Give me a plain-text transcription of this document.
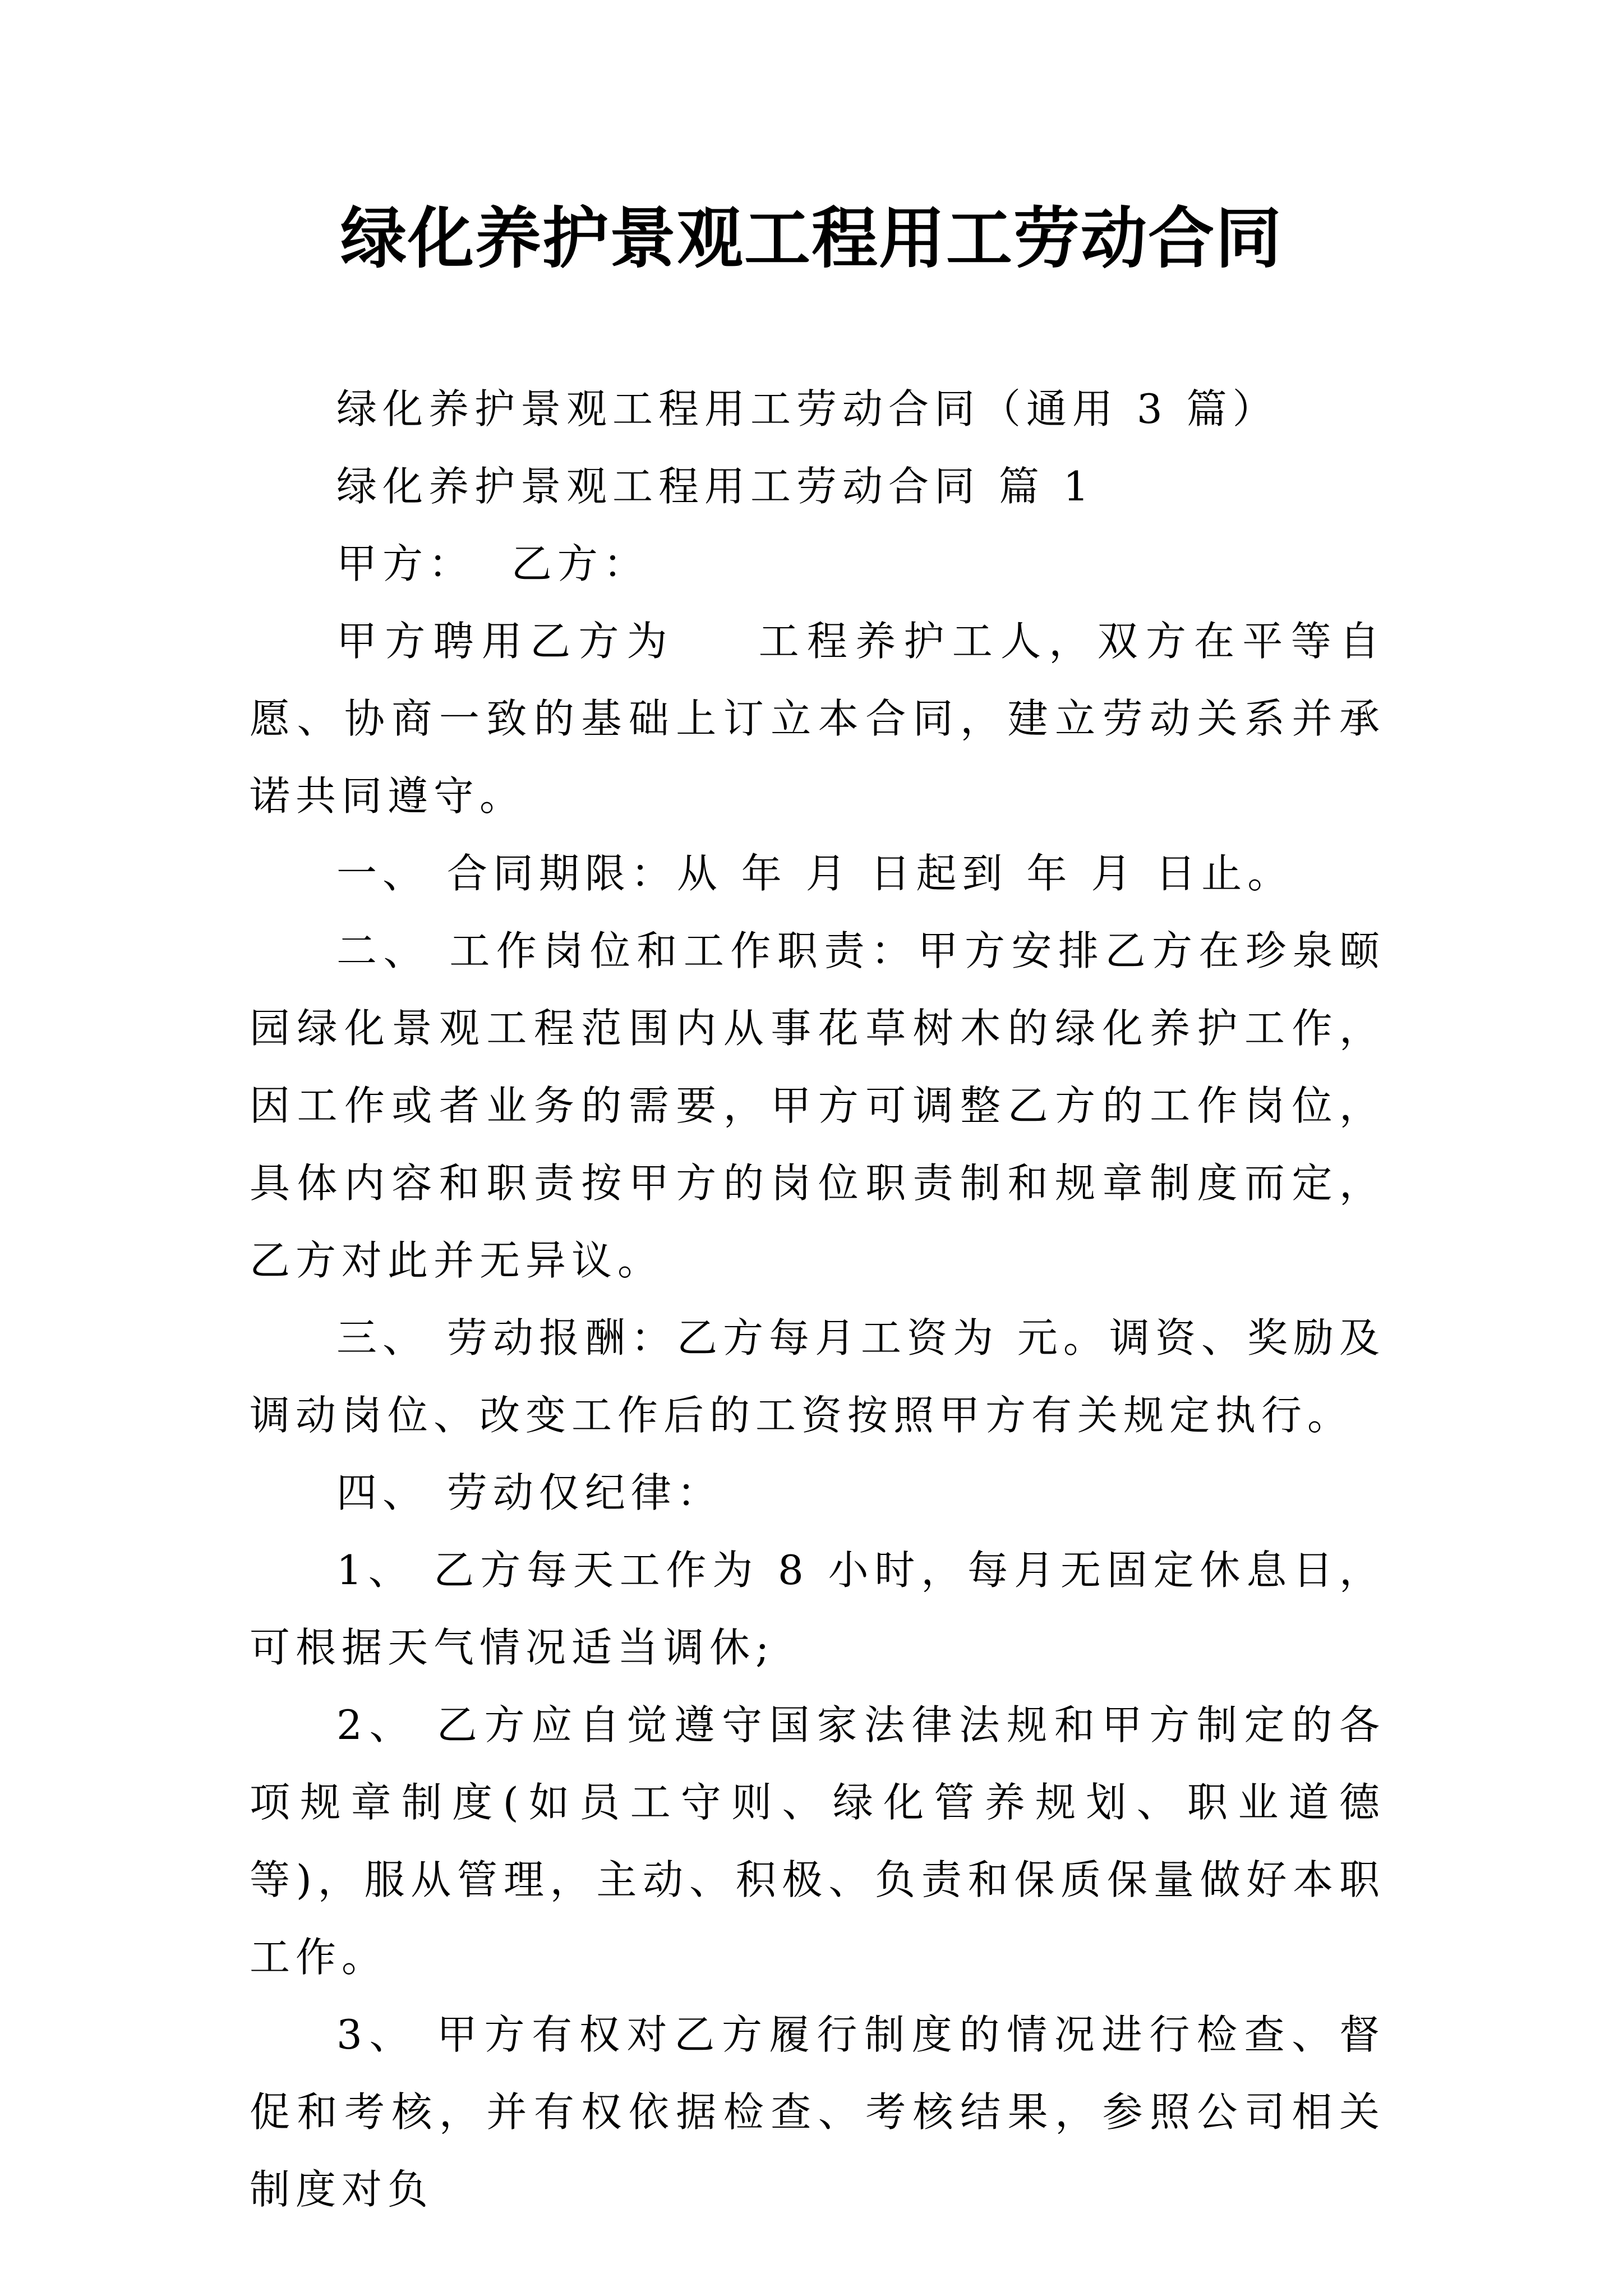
绿化养护景观工程用工劳动合同

绿化养护景观工程用工劳动合同（通用 3 篇）

绿化养护景观工程用工劳动合同 篇 1

甲方：  乙方：

甲方聘用乙方为    工程养护工人，双方在平等自愿、协商一致的基础上订立本合同，建立劳动关系并承诺共同遵守。

一、 合同期限：从 年 月 日起到 年 月 日止。

二、 工作岗位和工作职责：甲方安排乙方在珍泉颐园绿化景观工程范围内从事花草树木的绿化养护工作，因工作或者业务的需要，甲方可调整乙方的工作岗位，具体内容和职责按甲方的岗位职责制和规章制度而定，乙方对此并无异议。

三、 劳动报酬：乙方每月工资为 元。调资、奖励及调动岗位、改变工作后的工资按照甲方有关规定执行。

四、 劳动仅纪律：

1、 乙方每天工作为 8 小时，每月无固定休息日，可根据天气情况适当调休;

2、 乙方应自觉遵守国家法律法规和甲方制定的各项规章制度(如员工守则、绿化管养规划、职业道德等)，服从管理，主动、积极、负责和保质保量做好本职工作。

3、 甲方有权对乙方履行制度的情况进行检查、督促和考核，并有权依据检查、考核结果，参照公司相关制度对负
